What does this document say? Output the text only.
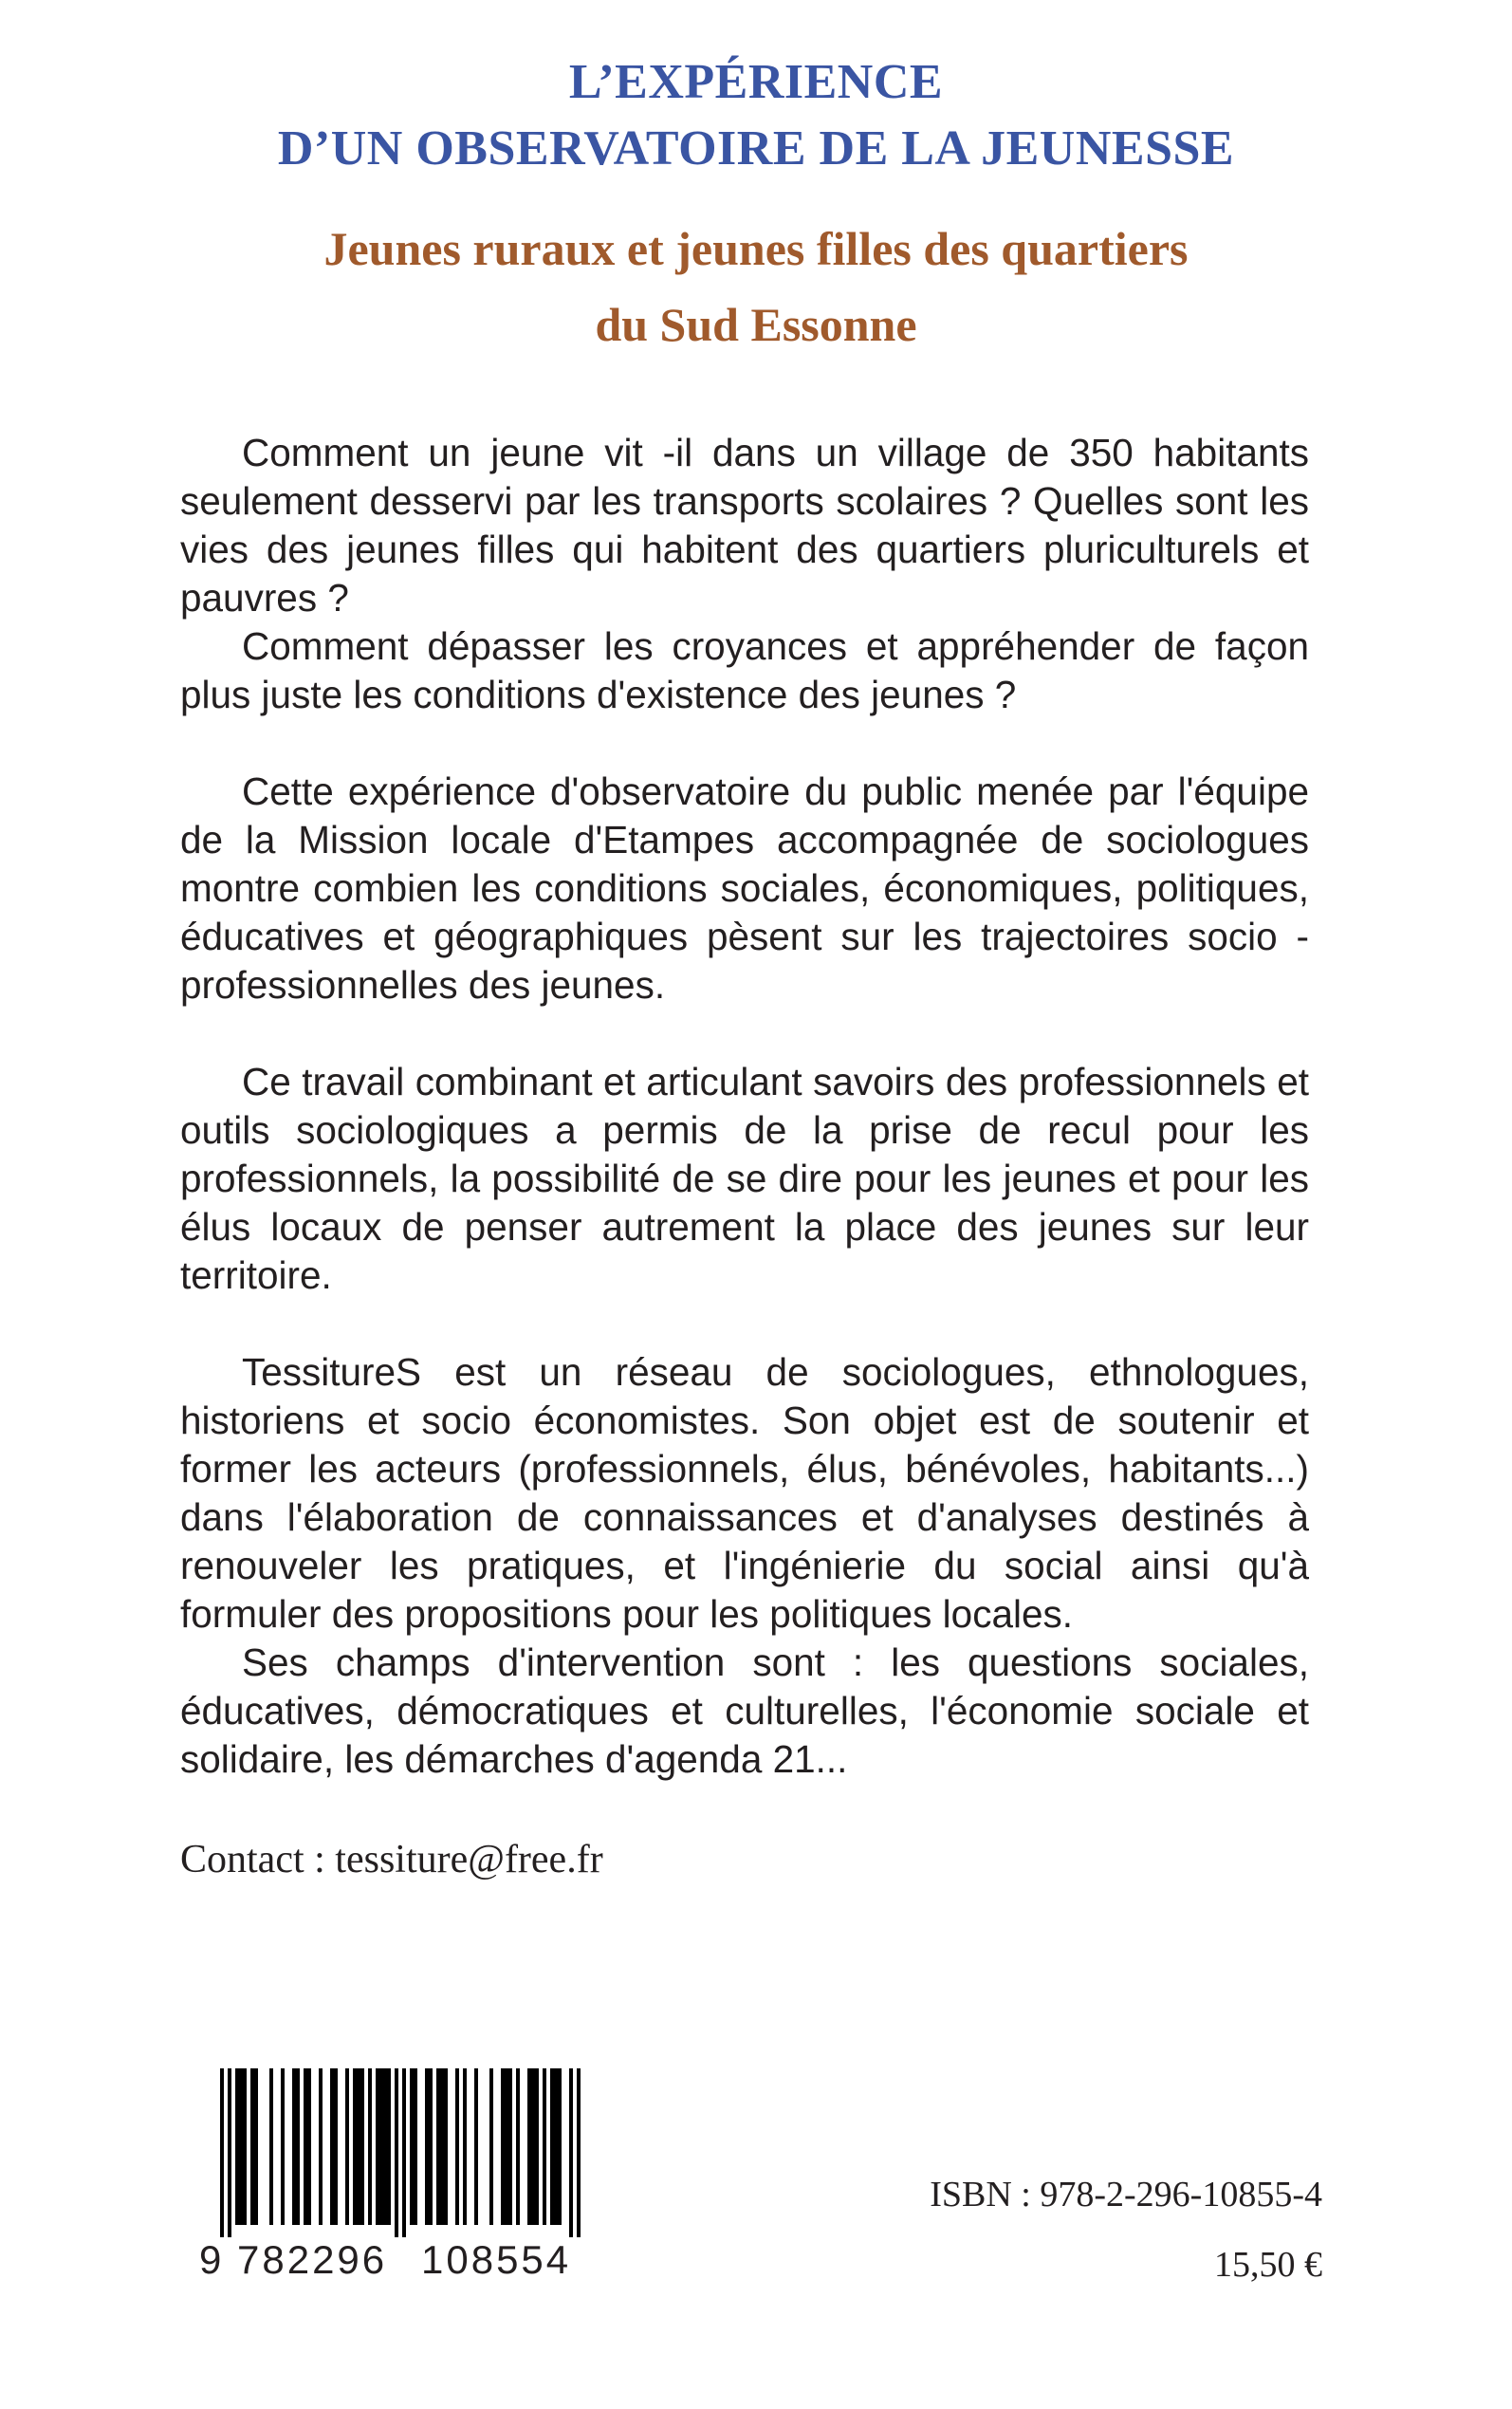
L’EXPÉRIENCE
D’UN OBSERVATOIRE DE LA JEUNESSE
Jeunes ruraux et jeunes filles des quartiers
du Sud Essonne

Comment un jeune vit -il dans un village de 350 habitants seulement desservi par les transports scolaires ? Quelles sont les vies des jeunes filles qui habitent des quartiers pluriculturels et pauvres ?

Comment dépasser les croyances et appréhender de façon plus juste les conditions d'existence des jeunes ?

Cette expérience d'observatoire du public menée par l'équipe de la Mission locale d'Etampes accompagnée de sociologues montre combien les conditions sociales, économiques, politiques, éducatives et géographiques pèsent sur les trajectoires socio - professionnelles des jeunes.

Ce travail combinant et articulant savoirs des professionnels et outils sociologiques a permis de la prise de recul pour les professionnels, la possibilité de se dire pour les jeunes et pour les élus locaux de penser autrement la place des jeunes sur leur territoire.

TessitureS est un réseau de sociologues, ethnologues, historiens et socio économistes. Son objet est de soutenir et former les acteurs (professionnels, élus, bénévoles, habitants...) dans l'élaboration de connaissances et d'analyses destinés à renouveler les pratiques, et l'ingénierie du social ainsi qu'à formuler des propositions pour les politiques locales.

Ses champs d'intervention sont : les questions sociales, éducatives, démocratiques et culturelles, l'économie sociale et solidaire, les démarches d'agenda 21...

Contact : tessiture@free.fr
9 782296 108554
ISBN : 978-2-296-10855-4
15,50 €
